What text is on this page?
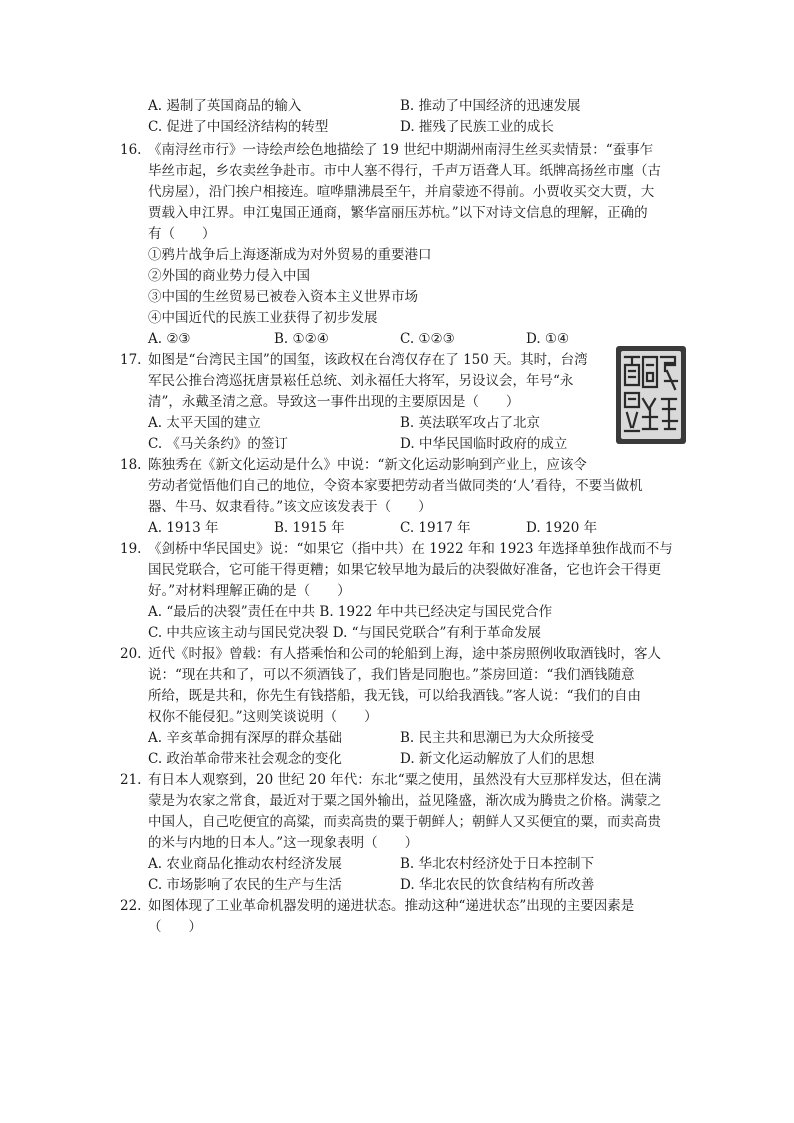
A. 遏制了英国商品的输入	B. 推动了中国经济的迅速发展
C. 促进了中国经济结构的转型	D. 摧残了民族工业的成长
16. 《南浔丝市行》一诗绘声绘色地描绘了 19 世纪中期湖州南浔生丝买卖情景：“蚕事乍
毕丝市起，乡农卖丝争赴市。市中人塞不得行，千声万语聋人耳。纸牌高扬丝市廛（古
代房屋），沿门挨户相接连。喧哗鼎沸晨至午，并肩蒙迹不得前。小贾收买交大贾，大
贾载入申江界。申江鬼国正通商，繁华富丽压苏杭。”以下对诗文信息的理解，正确的
有（　　）
①鸦片战争后上海逐渐成为对外贸易的重要港口
②外国的商业势力侵入中国
③中国的生丝贸易已被卷入资本主义世界市场
④中国近代的民族工业获得了初步发展
A. ②③	B. ①②④	C. ①②③	D. ①④
17. 如图是“台湾民主国”的国玺，该政权在台湾仅存在了 150 天。其时，台湾
军民公推台湾巡抚唐景崧任总统、刘永福任大将军，另设议会，年号“永
清”，永戴圣清之意。导致这一事件出现的主要原因是（　　）
A. 太平天国的建立	B. 英法联军攻占了北京
C. 《马关条约》的签订	D. 中华民国临时政府的成立
18. 陈独秀在《新文化运动是什么》中说：“新文化运动影响到产业上，应该令
劳动者觉悟他们自己的地位，令资本家要把劳动者当做同类的‘人’看待，不要当做机
器、牛马、奴隶看待。”该文应该发表于（　　）
A. 1913 年	B. 1915 年	C. 1917 年	D. 1920 年
19. 《剑桥中华民国史》说：“如果它（指中共）在 1922 年和 1923 年选择单独作战而不与
国民党联合，它可能干得更糟；如果它较早地为最后的决裂做好准备，它也许会干得更
好。”对材料理解正确的是（　　）
A. “最后的决裂”责任在中共 B. 1922 年中共已经决定与国民党合作
C. 中共应该主动与国民党决裂 D. “与国民党联合”有利于革命发展
20. 近代《时报》曾载：有人搭乘怡和公司的轮船到上海，途中茶房照例收取酒钱时，客人
说：“现在共和了，可以不须酒钱了，我们皆是同胞也。”茶房回道：“我们酒钱随意
所给，既是共和，你先生有钱搭船，我无钱，可以给我酒钱。”客人说：“我们的自由
权你不能侵犯。”这则笑谈说明（　　）
A. 辛亥革命拥有深厚的群众基础	B. 民主共和思潮已为大众所接受
C. 政治革命带来社会观念的变化	D. 新文化运动解放了人们的思想
21. 有日本人观察到，20 世纪 20 年代：东北“粟之使用，虽然没有大豆那样发达，但在满
蒙是为农家之常食，最近对于粟之国外输出，益见隆盛，渐次成为腾贵之价格。满蒙之
中国人，自己吃便宜的高粱，而卖高贵的粟于朝鲜人；朝鲜人又买便宜的粟，而卖高贵
的米与内地的日本人。”这一现象表明（　　）
A. 农业商品化推动农村经济发展	B. 华北农村经济处于日本控制下
C. 市场影响了农民的生产与生活	D. 华北农民的饮食结构有所改善
22. 如图体现了工业革命机器发明的递进状态。推动这种“递进状态”出现的主要因素是
（　　）
